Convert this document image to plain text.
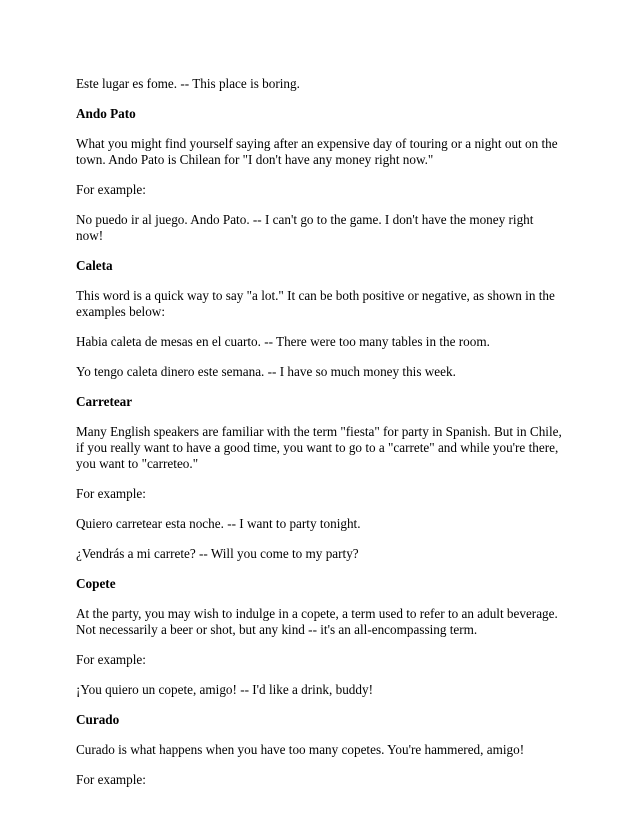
Este lugar es fome. -- This place is boring.

Ando Pato

What you might find yourself saying after an expensive day of touring or a night out on the town. Ando Pato is Chilean for "I don't have any money right now."

For example:

No puedo ir al juego. Ando Pato. -- I can't go to the game. I don't have the money right now!

Caleta

This word is a quick way to say "a lot." It can be both positive or negative, as shown in the examples below:

Habia caleta de mesas en el cuarto. -- There were too many tables in the room.

Yo tengo caleta dinero este semana. -- I have so much money this week.

Carretear

Many English speakers are familiar with the term "fiesta" for party in Spanish. But in Chile, if you really want to have a good time, you want to go to a "carrete" and while you're there, you want to "carreteo."

For example:

Quiero carretear esta noche. -- I want to party tonight.

¿Vendrás a mi carrete? -- Will you come to my party?

Copete

At the party, you may wish to indulge in a copete, a term used to refer to an adult beverage. Not necessarily a beer or shot, but any kind -- it's an all-encompassing term.

For example:

¡You quiero un copete, amigo! -- I'd like a drink, buddy!

Curado

Curado is what happens when you have too many copetes. You're hammered, amigo!

For example:
